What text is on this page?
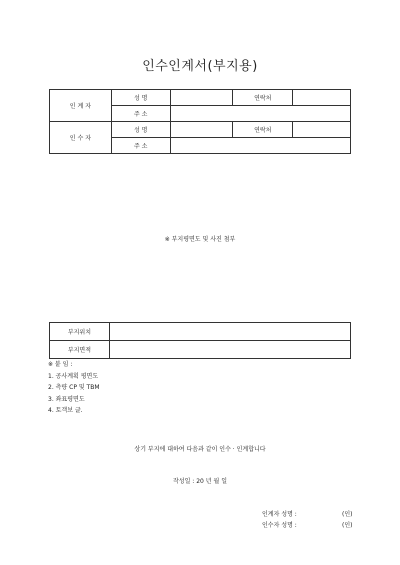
인수인계서(부지용)
인 계 자	성 명		연락처	
	주 소			
인 수 자	성 명		연락처	
	주 소			
※ 부지평면도 및 사진 첨부
부지위치	
부지면적	
※ 붙 임 :
1. 공사계획 평면도
2. 측량 CP 및 TBM
3. 좌표평면도
4. 토객보 글.
상기 부지에 대하여 다음과 같이 인수 · 인계합니다
작성일 : 20 년 월 일
인계자 성명 :	(인)
인수자 성명 :	(인)
